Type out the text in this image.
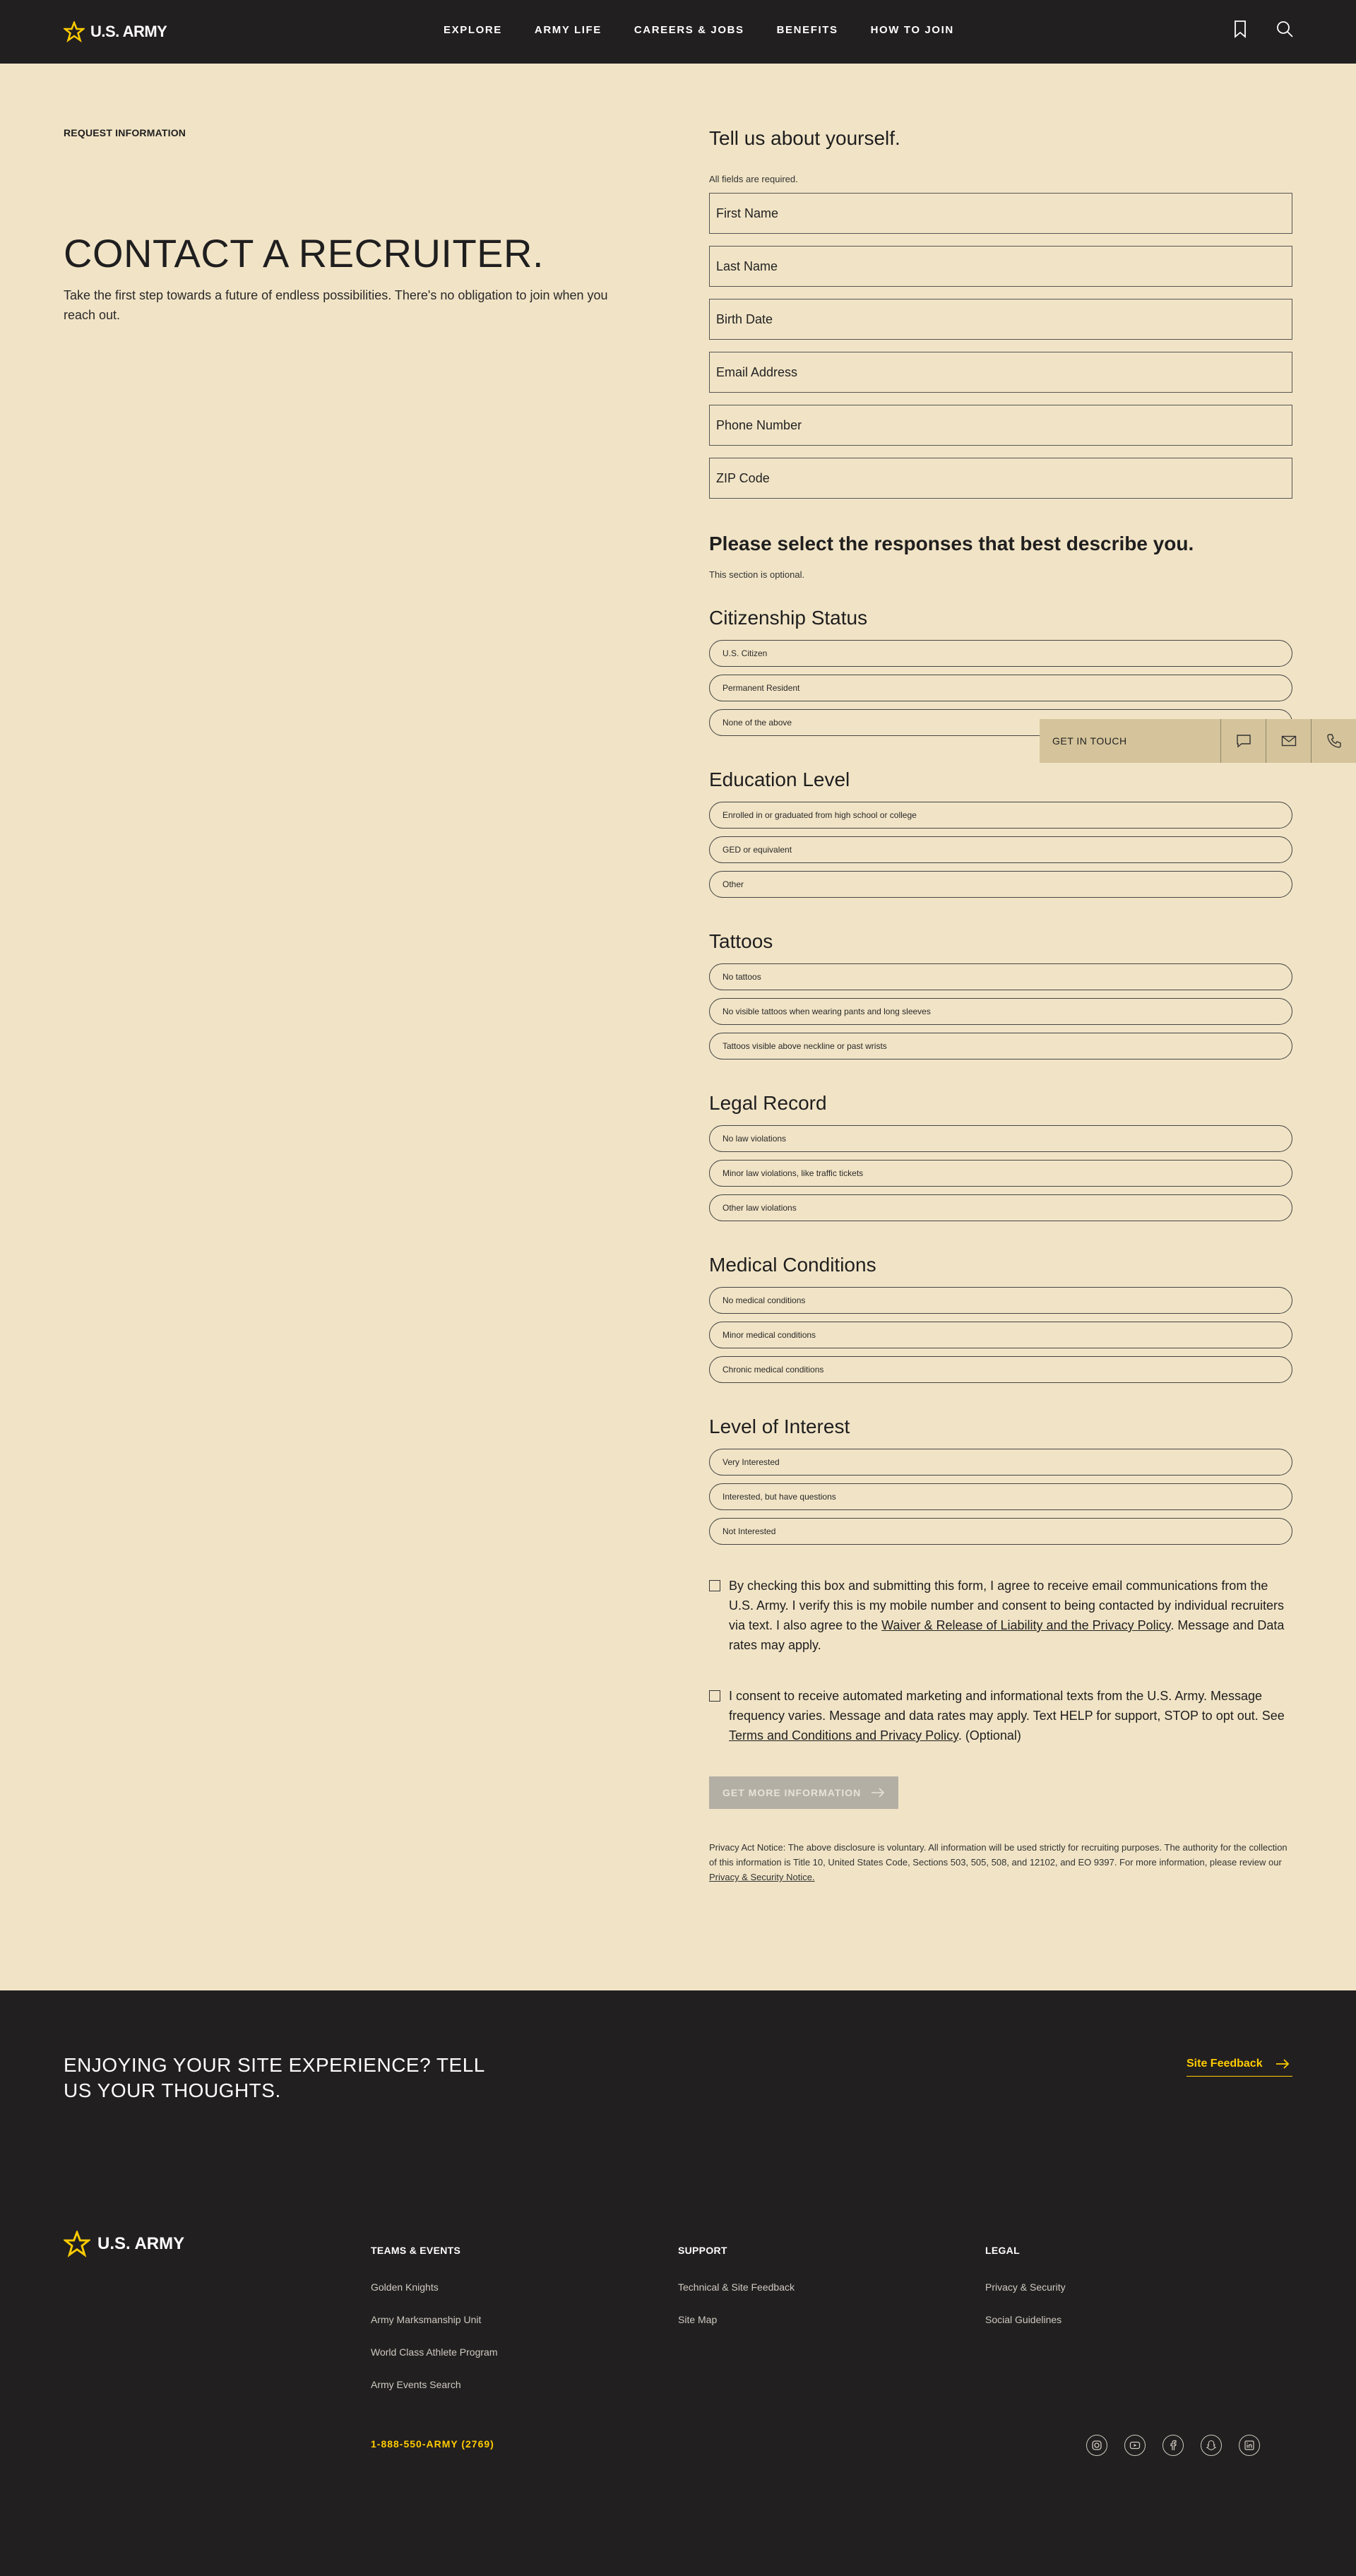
U.S. ARMY	EXPLORE	ARMY LIFE	CAREERS & JOBS	BENEFITS	HOW TO JOIN
REQUEST INFORMATION
CONTACT A RECRUITER.

Take the first step towards a future of endless possibilities. There's no obligation to join when you reach out.

Tell us about yourself.

All fields are required.

First Name
Last Name
Birth Date
Email Address
Phone Number
ZIP Code
Please select the responses that best describe you.

This section is optional.

Citizenship Status
U.S. Citizen
Permanent Resident
None of the above
Education Level
Enrolled in or graduated from high school or college
GED or equivalent
Other
Tattoos
No tattoos
No visible tattoos when wearing pants and long sleeves
Tattoos visible above neckline or past wrists
Legal Record
No law violations
Minor law violations, like traffic tickets
Other law violations
Medical Conditions
No medical conditions
Minor medical conditions
Chronic medical conditions
Level of Interest
Very Interested
Interested, but have questions
Not Interested

By checking this box and submitting this form, I agree to receive email communications from the U.S. Army. I verify this is my mobile number and consent to being contacted by individual recruiters via text. I also agree to the Waiver & Release of Liability and the Privacy Policy. Message and Data rates may apply.

I consent to receive automated marketing and informational texts from the U.S. Army. Message frequency varies. Message and data rates may apply. Text HELP for support, STOP to opt out. See Terms and Conditions and Privacy Policy. (Optional)

GET MORE INFORMATION

Privacy Act Notice: The above disclosure is voluntary. All information will be used strictly for recruiting purposes. The authority for the collection of this information is Title 10, United States Code, Sections 503, 505, 508, and 12102, and EO 9397. For more information, please review our Privacy & Security Notice.

GET IN TOUCH
ENJOYING YOUR SITE EXPERIENCE? TELL US YOUR THOUGHTS.
Site Feedback
U.S. ARMY	TEAMS & EVENTS
Golden Knights
Army Marksmanship Unit
World Class Athlete Program
Army Events Search
SUPPORT
Technical & Site Feedback
Site Map
LEGAL
Privacy & Security
Social Guidelines
1-888-550-ARMY (2769)
